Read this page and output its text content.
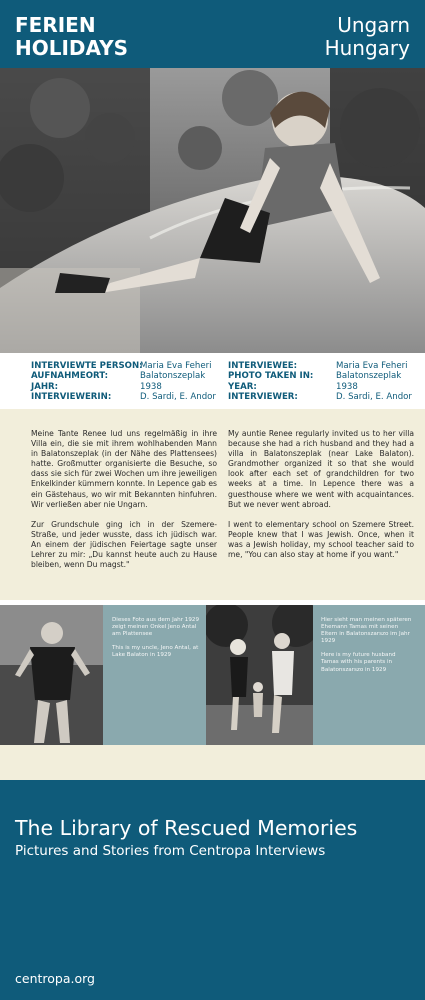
FERIEN
HOLIDAYS
Ungarn
Hungary
INTERVIEWTE PERSON:
AUFNAHMEORT:
JAHR:
INTERVIEWERIN:
Maria Eva Feheri
Balatonszeplak
1938
D. Sardi, E. Andor
INTERVIEWEE:
PHOTO TAKEN IN:
YEAR:
INTERVIEWER:
Maria Eva Feheri
Balatonszeplak
1938
D. Sardi, E. Andor

Meine Tante Renee lud uns regelmäßig in ihre Villa ein, die sie mit ihrem wohlhabenden Mann in Balatonszeplak (in der Nähe des Plattensees) hatte. Großmutter organisierte die Besuche, so dass sie sich für zwei Wochen um ihre jeweiligen Enkelkinder kümmern konnte. In Lepence gab es ein Gästehaus, wo wir mit Bekannten hinfuhren. Wir verließen aber nie Ungarn.

Zur Grundschule ging ich in der Szemere-Straße, und jeder wusste, dass ich jüdisch war. An einem der jüdischen Feiertage sagte unser Lehrer zu mir: „Du kannst heute auch zu Hause bleiben, wenn Du magst."

My auntie Renee regularly invited us to her villa because she had a rich husband and they had a villa in Balatonszeplak (near Lake Balaton). Grandmother organized it so that she would look after each set of grandchildren for two weeks at a time. In Lepence there was a guesthouse where we went with acquaintances. But we never went abroad.

I went to elementary school on Szemere Street. People knew that I was Jewish. Once, when it was a Jewish holiday, my school teacher said to me, "You can also stay at home if you want."

Dieses Foto aus dem Jahr 1929 zeigt meinen Onkel Jeno Antal am Plattensee

This is my uncle, Jeno Antal, at Lake Balaton in 1929

Hier sieht man meinen späteren Ehemann Tamas mit seinen Eltern in Balatonszarszo im Jahr 1929

Here is my future husband Tamas with his parents in Balatonszarszo in 1929

The Library of Rescued Memories
Pictures and Stories from Centropa Interviews
centropa.org
